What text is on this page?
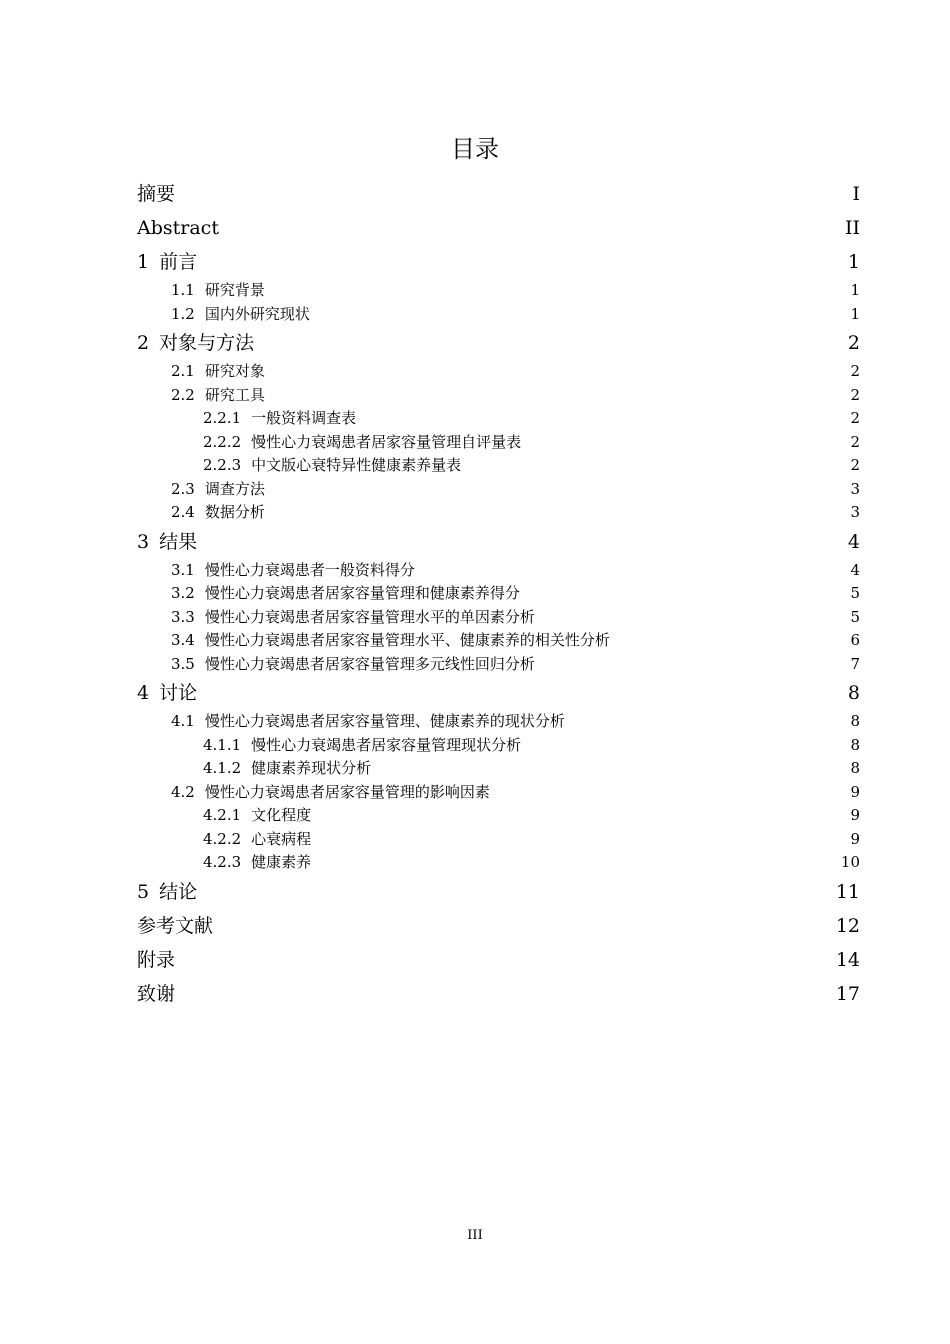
目录
摘要	I
Abstract	II
1 前言	1
1.1 研究背景	1
1.2 国内外研究现状	1
2 对象与方法	2
2.1 研究对象	2
2.2 研究工具	2
2.2.1 一般资料调查表	2
2.2.2 慢性心力衰竭患者居家容量管理自评量表	2
2.2.3 中文版心衰特异性健康素养量表	2
2.3 调查方法	3
2.4 数据分析	3
3 结果	4
3.1 慢性心力衰竭患者一般资料得分	4
3.2 慢性心力衰竭患者居家容量管理和健康素养得分	5
3.3 慢性心力衰竭患者居家容量管理水平的单因素分析	5
3.4 慢性心力衰竭患者居家容量管理水平、健康素养的相关性分析	6
3.5 慢性心力衰竭患者居家容量管理多元线性回归分析	7
4 讨论	8
4.1 慢性心力衰竭患者居家容量管理、健康素养的现状分析	8
4.1.1 慢性心力衰竭患者居家容量管理现状分析	8
4.1.2 健康素养现状分析	8
4.2 慢性心力衰竭患者居家容量管理的影响因素	9
4.2.1 文化程度	9
4.2.2 心衰病程	9
4.2.3 健康素养	10
5 结论	11
参考文献	12
附录	14
致谢	17
III
